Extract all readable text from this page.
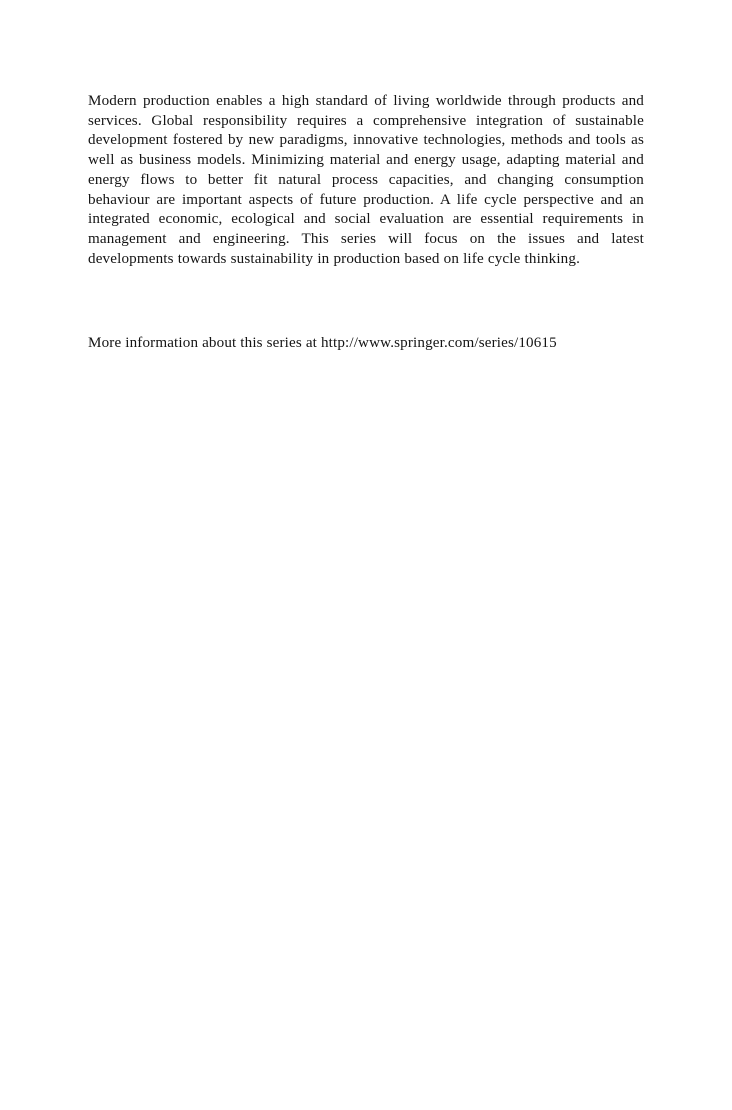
Modern production enables a high standard of living worldwide through products and services. Global responsibility requires a comprehensive integration of sustainable development fostered by new paradigms, innovative technologies, methods and tools as well as business models. Minimizing material and energy usage, adapting material and energy flows to better fit natural process capacities, and changing consumption behaviour are important aspects of future production. A life cycle perspective and an integrated economic, ecological and social evaluation are essential requirements in management and engineering. This series will focus on the issues and latest developments towards sustainability in production based on life cycle thinking.

More information about this series at http://www.springer.com/series/10615
